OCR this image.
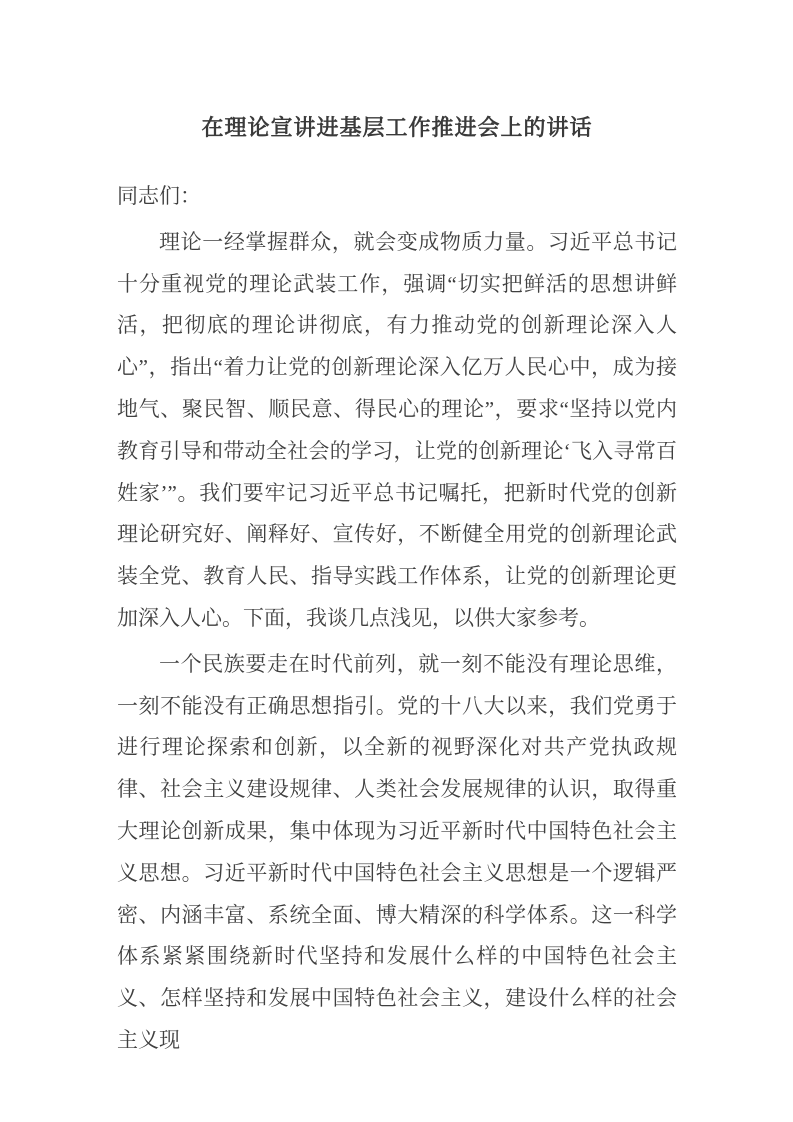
在理论宣讲进基层工作推进会上的讲话

同志们：

理论一经掌握群众，就会变成物质力量。习近平总书记十分重视党的理论武装工作，强调“切实把鲜活的思想讲鲜活，把彻底的理论讲彻底，有力推动党的创新理论深入人心”，指出“着力让党的创新理论深入亿万人民心中，成为接地气、聚民智、顺民意、得民心的理论”，要求“坚持以党内教育引导和带动全社会的学习，让党的创新理论‘飞入寻常百姓家’”。我们要牢记习近平总书记嘱托，把新时代党的创新理论研究好、阐释好、宣传好，不断健全用党的创新理论武装全党、教育人民、指导实践工作体系，让党的创新理论更加深入人心。下面，我谈几点浅见，以供大家参考。

一个民族要走在时代前列，就一刻不能没有理论思维，一刻不能没有正确思想指引。党的十八大以来，我们党勇于进行理论探索和创新，以全新的视野深化对共产党执政规律、社会主义建设规律、人类社会发展规律的认识，取得重大理论创新成果，集中体现为习近平新时代中国特色社会主义思想。习近平新时代中国特色社会主义思想是一个逻辑严密、内涵丰富、系统全面、博大精深的科学体系。这一科学体系紧紧围绕新时代坚持和发展什么样的中国特色社会主义、怎样坚持和发展中国特色社会主义，建设什么样的社会主义现
